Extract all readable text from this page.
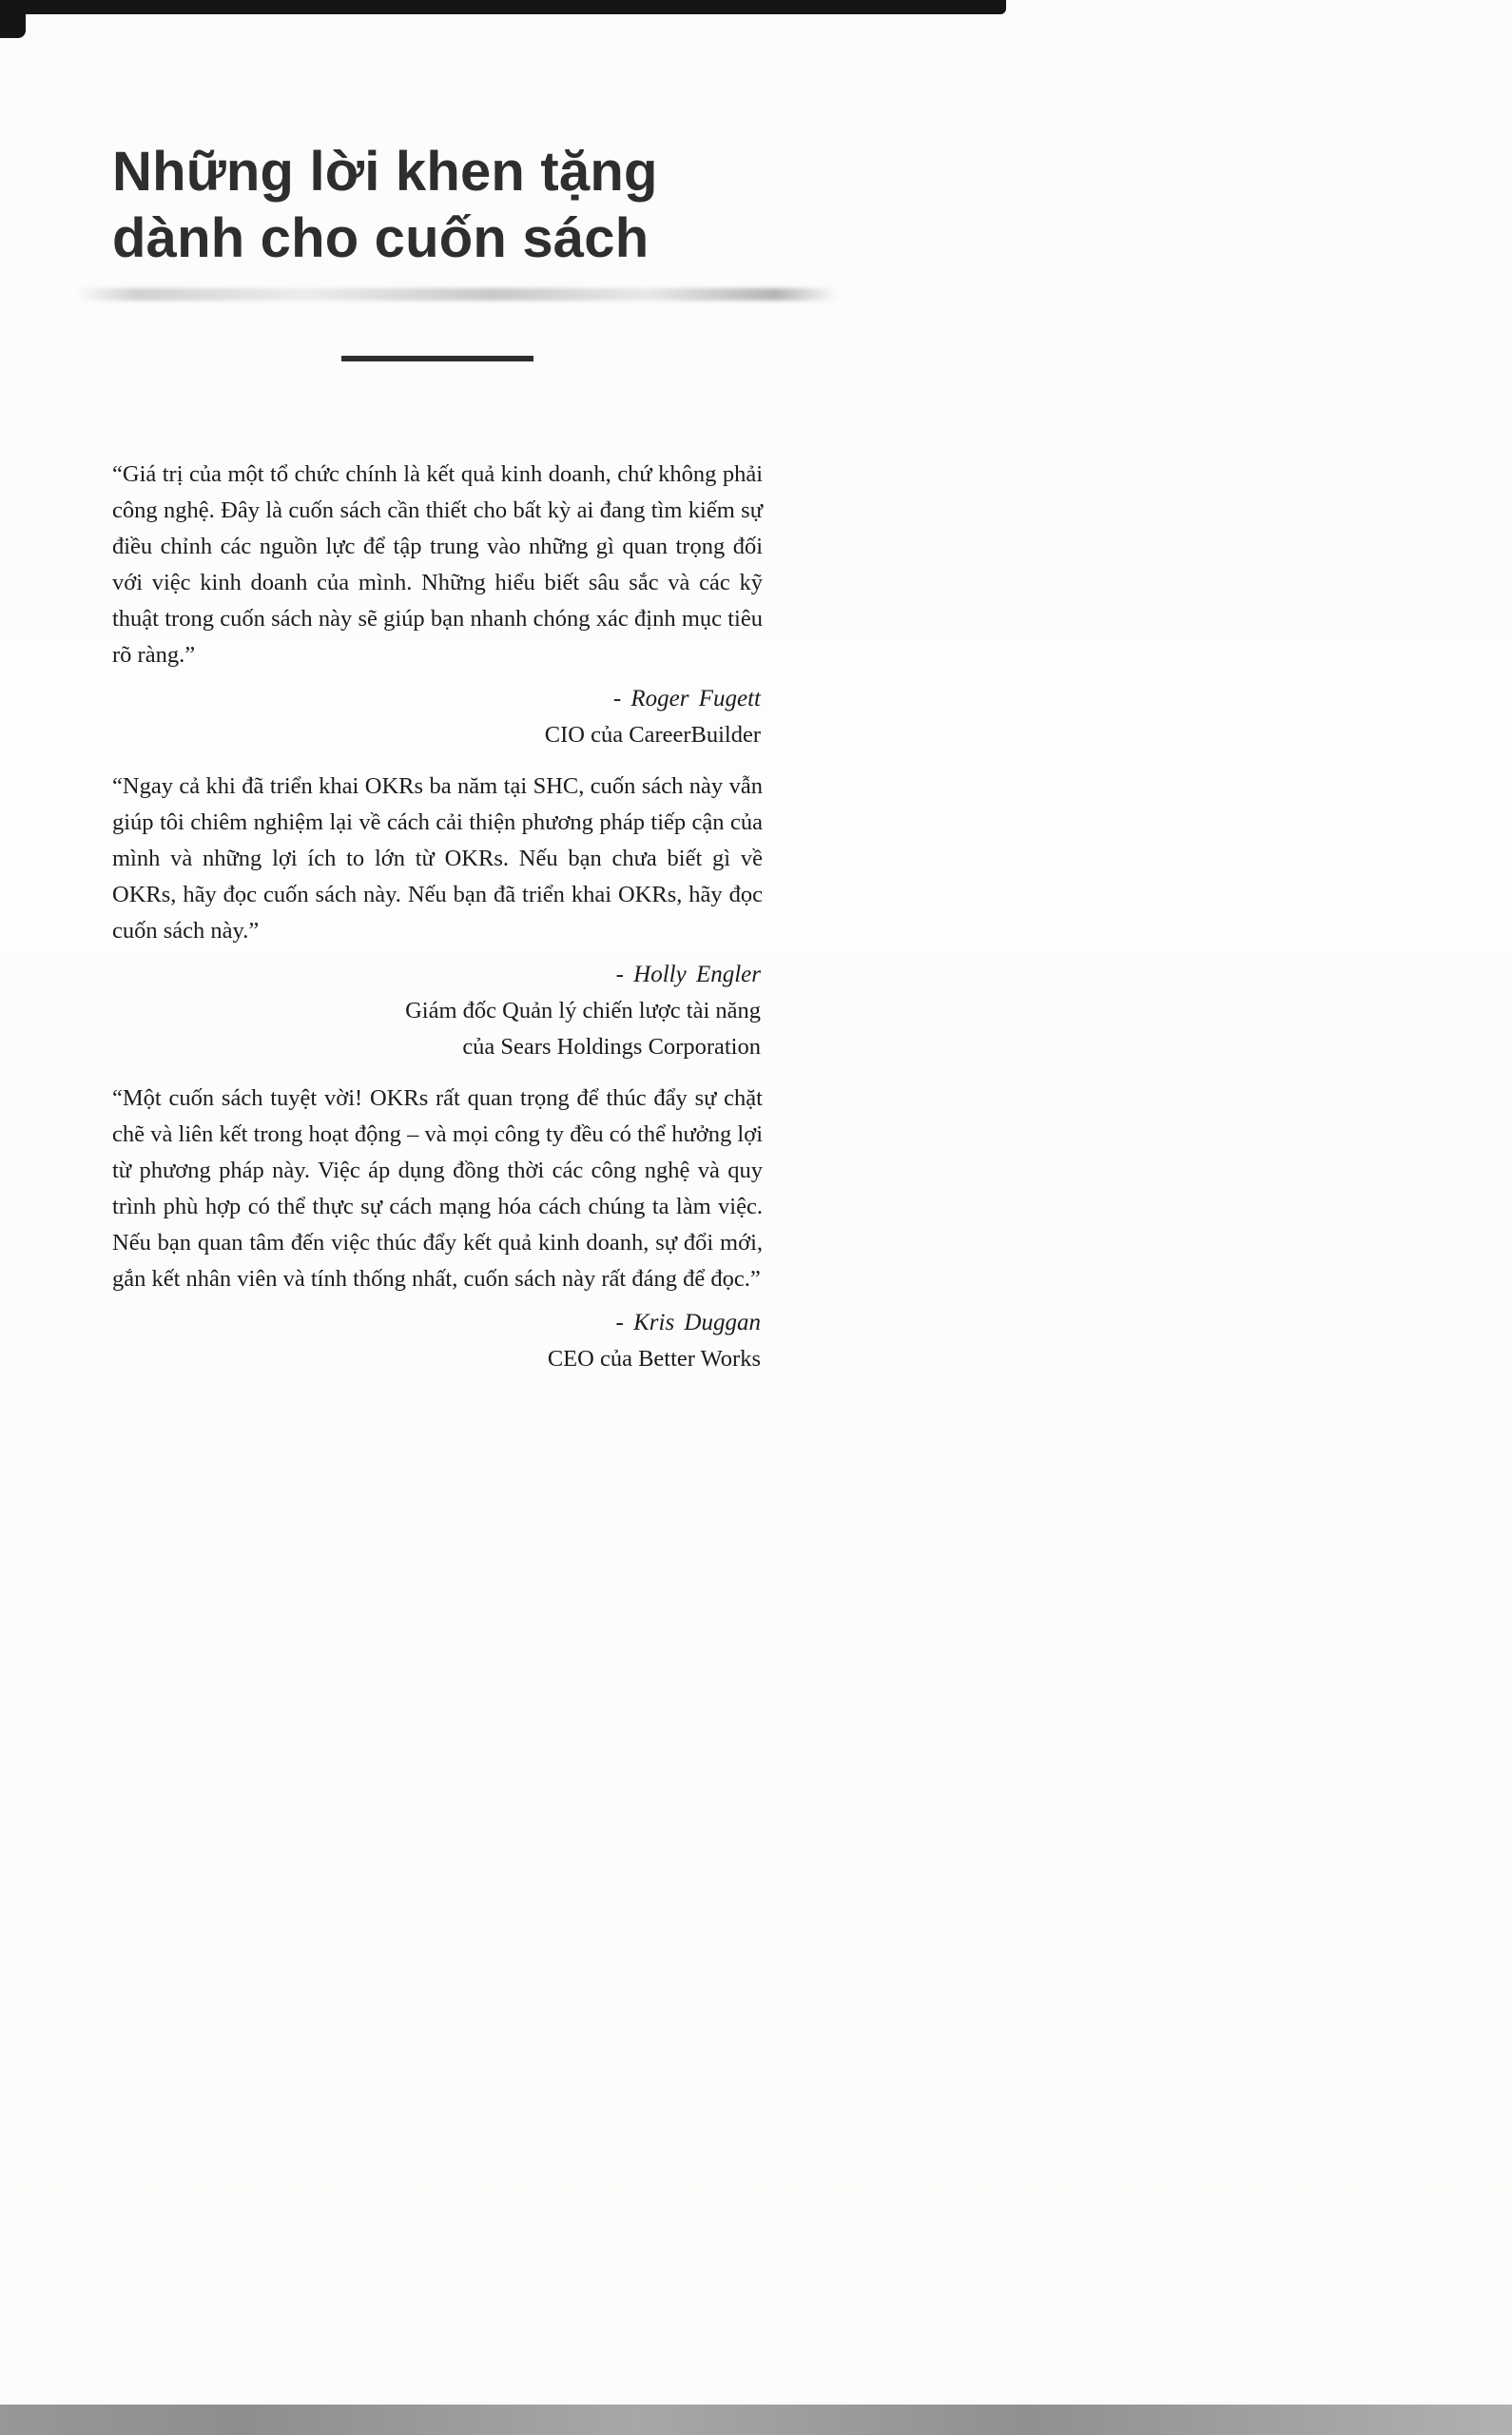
Những lời khen tặng
dành cho cuốn sách

“Giá trị của một tổ chức chính là kết quả kinh doanh, chứ không phải công nghệ. Đây là cuốn sách cần thiết cho bất kỳ ai đang tìm kiếm sự điều chỉnh các nguồn lực để tập trung vào những gì quan trọng đối với việc kinh doanh của mình. Những hiểu biết sâu sắc và các kỹ thuật trong cuốn sách này sẽ giúp bạn nhanh chóng xác định mục tiêu rõ ràng.”

- Roger Fugett

CIO của CareerBuilder

“Ngay cả khi đã triển khai OKRs ba năm tại SHC, cuốn sách này vẫn giúp tôi chiêm nghiệm lại về cách cải thiện phương pháp tiếp cận của mình và những lợi ích to lớn từ OKRs. Nếu bạn chưa biết gì về OKRs, hãy đọc cuốn sách này. Nếu bạn đã triển khai OKRs, hãy đọc cuốn sách này.”

- Holly Engler

Giám đốc Quản lý chiến lược tài năng

của Sears Holdings Corporation

“Một cuốn sách tuyệt vời! OKRs rất quan trọng để thúc đẩy sự chặt chẽ và liên kết trong hoạt động – và mọi công ty đều có thể hưởng lợi từ phương pháp này. Việc áp dụng đồng thời các công nghệ và quy trình phù hợp có thể thực sự cách mạng hóa cách chúng ta làm việc. Nếu bạn quan tâm đến việc thúc đẩy kết quả kinh doanh, sự đổi mới, gắn kết nhân viên và tính thống nhất, cuốn sách này rất đáng để đọc.”

- Kris Duggan

CEO của Better Works
